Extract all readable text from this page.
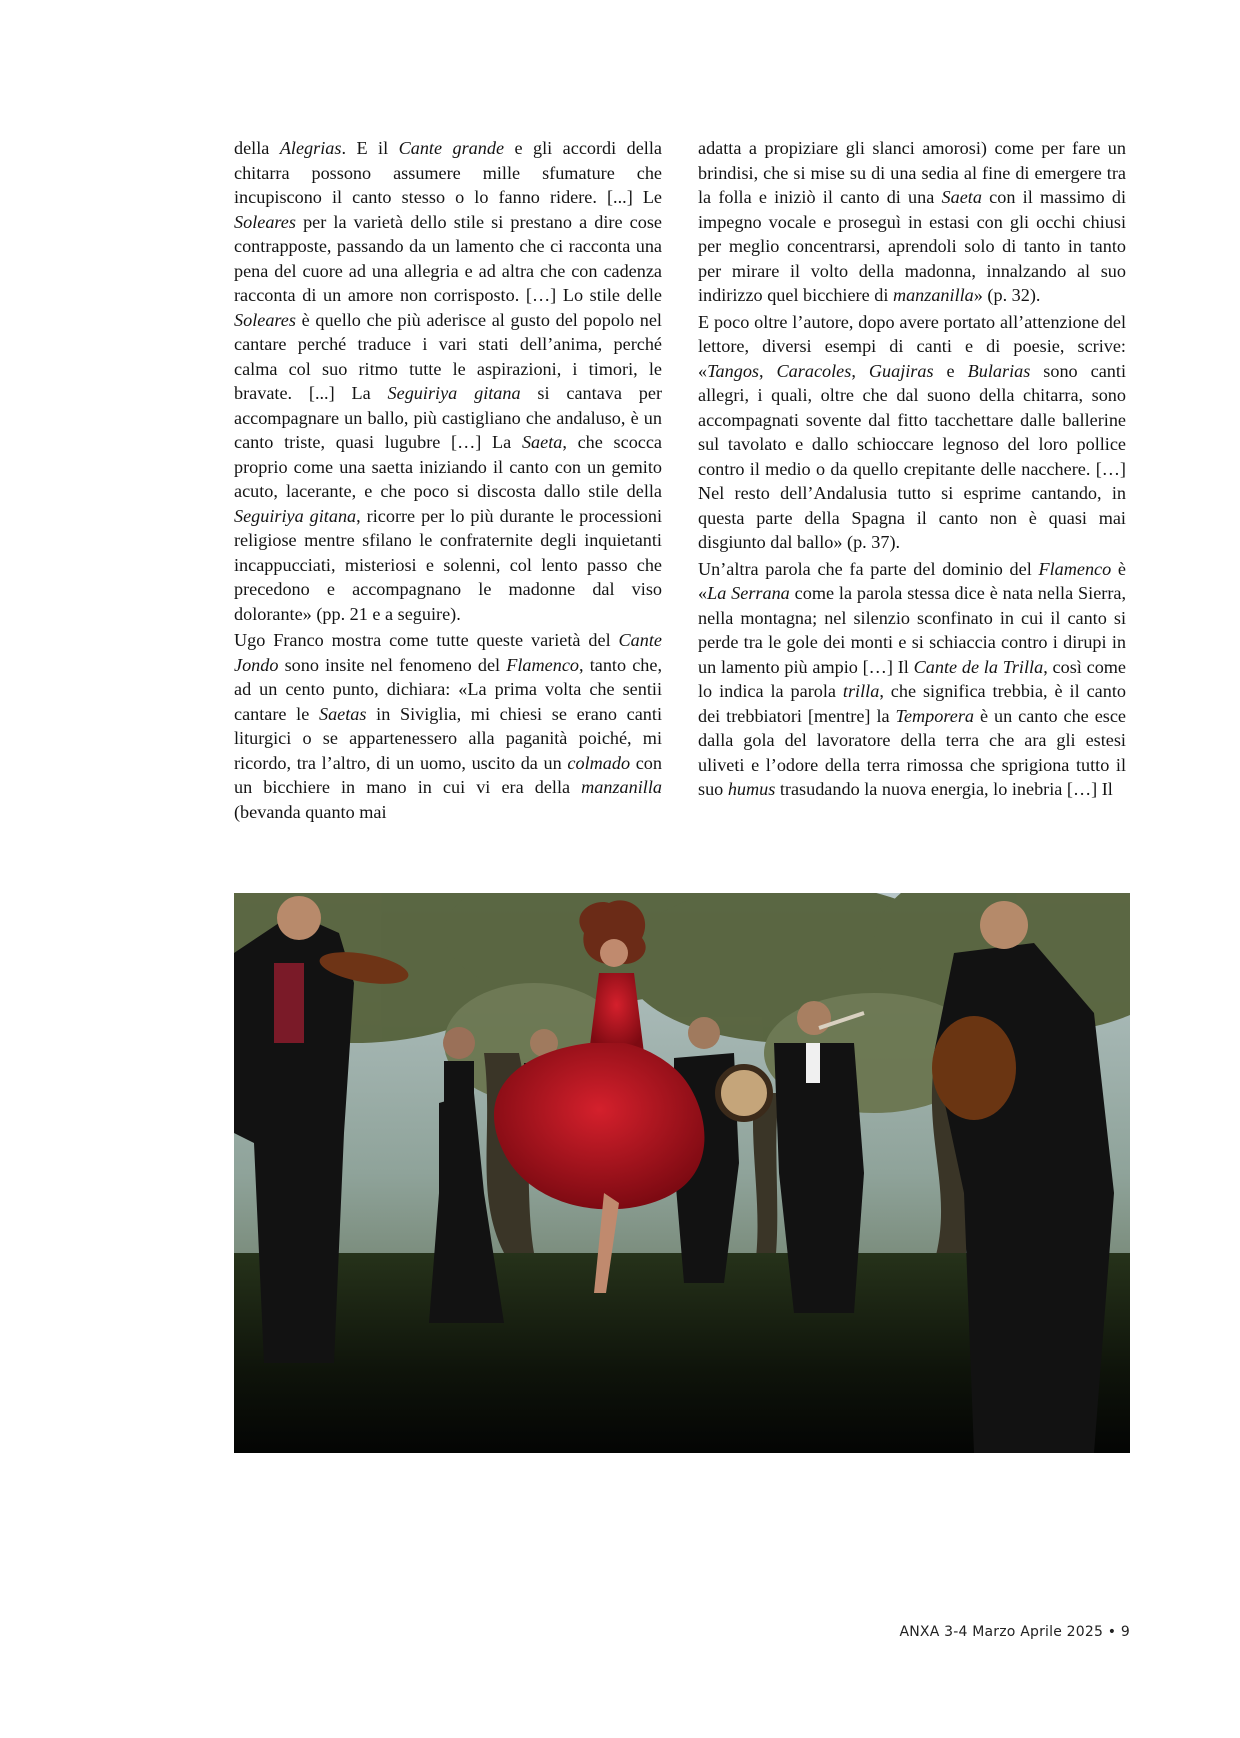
della Alegrias. E il Cante grande e gli accordi della chitarra possono assumere mille sfumature che incupiscono il canto stesso o lo fanno ridere. [...] Le Soleares per la varietà dello stile si prestano a dire cose contrapposte, passando da un lamento che ci racconta una pena del cuore ad una allegria e ad altra che con cadenza racconta di un amore non corrisposto. […] Lo stile delle Soleares è quello che più aderisce al gusto del popolo nel cantare perché traduce i vari stati dell’anima, perché calma col suo ritmo tutte le aspirazioni, i timori, le bravate. [...] La Seguiriya gitana si cantava per accompagnare un ballo, più castigliano che andaluso, è un canto triste, quasi lugubre […] La Saeta, che scocca proprio come una saetta iniziando il canto con un gemito acuto, lacerante, e che poco si discosta dallo stile della Seguiriya gitana, ricorre per lo più durante le processioni religiose mentre sfilano le confraternite degli inquietanti incappucciati, misteriosi e solenni, col lento passo che precedono e accompagnano le madonne dal viso dolorante» (pp. 21 e a seguire).

Ugo Franco mostra come tutte queste varietà del Cante Jondo sono insite nel fenomeno del Flamenco, tanto che, ad un cento punto, dichiara: «La prima volta che sentii cantare le Saetas in Siviglia, mi chiesi se erano canti liturgici o se appartenessero alla paganità poiché, mi ricordo, tra l’altro, di un uomo, uscito da un colmado con un bicchiere in mano in cui vi era della manzanilla (bevanda quanto mai

adatta a propiziare gli slanci amorosi) come per fare un brindisi, che si mise su di una sedia al fine di emergere tra la folla e iniziò il canto di una Saeta con il massimo di impegno vocale e proseguì in estasi con gli occhi chiusi per meglio concentrarsi, aprendoli solo di tanto in tanto per mirare il volto della madonna, innalzando al suo indirizzo quel bicchiere di manzanilla» (p. 32).

E poco oltre l’autore, dopo avere portato all’attenzione del lettore, diversi esempi di canti e di poesie, scrive: «Tangos, Caracoles, Guajiras e Bularias sono canti allegri, i quali, oltre che dal suono della chitarra, sono accompagnati sovente dal fitto tacchettare dalle ballerine sul tavolato e dallo schioccare legnoso del loro pollice contro il medio o da quello crepitante delle nacchere. […] Nel resto dell’Andalusia tutto si esprime cantando, in questa parte della Spagna il canto non è quasi mai disgiunto dal ballo» (p. 37).

Un’altra parola che fa parte del dominio del Flamenco è «La Serrana come la parola stessa dice è nata nella Sierra, nella montagna; nel silenzio sconfinato in cui il canto si perde tra le gole dei monti e si schiaccia contro i dirupi in un lamento più ampio […] Il Cante de la Trilla, così come lo indica la parola trilla, che significa trebbia, è il canto dei trebbiatori [mentre] la Temporera è un canto che esce dalla gola del lavoratore della terra che ara gli estesi uliveti e l’odore della terra rimossa che sprigiona tutto il suo humus trasudando la nuova energia, lo inebria […] Il

ANXA 3-4 Marzo Aprile 2025 • 9
